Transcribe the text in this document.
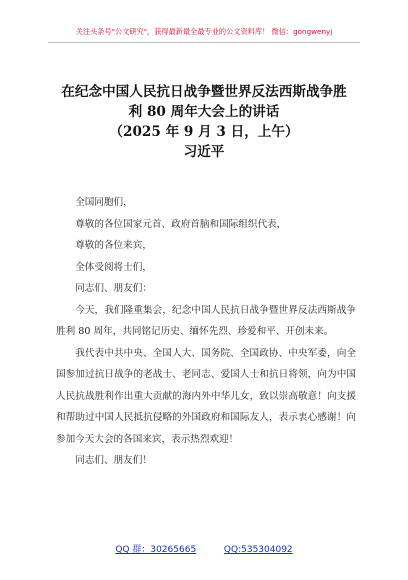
关注头条号"公文研究"，获得最新最全最专业的公文资料库！ 微信：gongwenyj
在纪念中国人民抗日战争暨世界反法西斯战争胜
利 80 周年大会上的讲话
（2025 年 9 月 3 日，上午）
习近平

全国同胞们，

尊敬的各位国家元首、政府首脑和国际组织代表，

尊敬的各位来宾，

全体受阅将士们，

同志们、朋友们：

今天，我们隆重集会，纪念中国人民抗日战争暨世界反法西斯战争胜利 80 周年，共同铭记历史、缅怀先烈、珍爱和平、开创未来。

我代表中共中央、全国人大、国务院、全国政协、中央军委，向全国参加过抗日战争的老战士、老同志、爱国人士和抗日将领，向为中国人民抗战胜利作出重大贡献的海内外中华儿女，致以崇高敬意！向支援和帮助过中国人民抵抗侵略的外国政府和国际友人，表示衷心感谢！向参加今天大会的各国来宾，表示热烈欢迎！

同志们、朋友们！

QQ 群：30265665	QQ:535304092
